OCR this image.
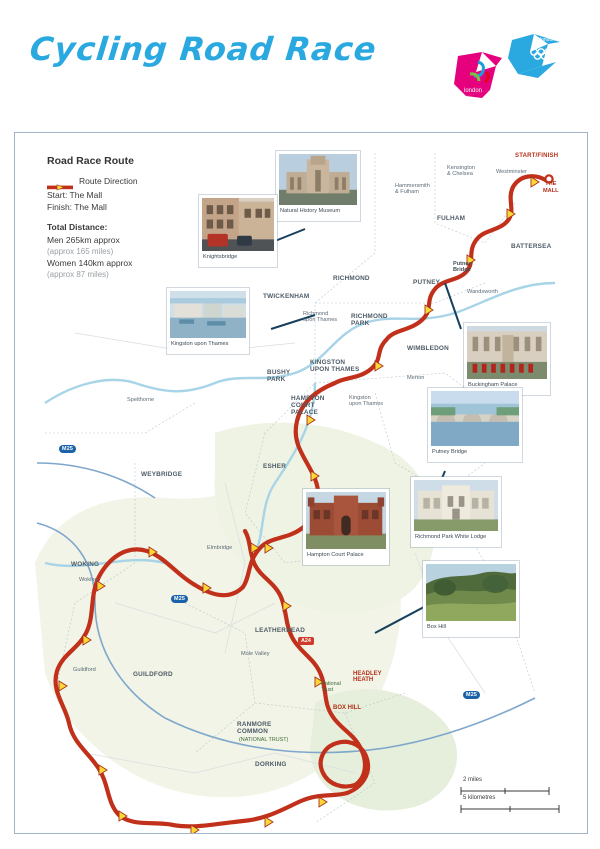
Cycling Road Race
london
london
Road Race Route
Route Direction
Start: The Mall
Finish: The Mall
Total Distance:
Men 265km approx
(approx 165 miles)
Women 140km approx
(approx 87 miles)
Natural History Museum
Knightsbridge
Kingston upon Thames
Buckingham Palace
Putney Bridge
Hampton Court Palace
Richmond Park White Lodge
Box Hill
START/FINISH
THE
MALL
Westminster
Kensington
& Chelsea
Hammersmith
& Fulham
FULHAM
BATTERSEA
Putney
Bridge
PUTNEY
Wandsworth
RICHMOND
TWICKENHAM
Richmond
upon Thames RICHMOND
PARK
WIMBLEDON
Merton
KINGSTON
UPON THAMES
Kingston
upon Thames
BUSHY
PARK
HAMPTON
COURT
PALACE
Spelthorne
WEYBRIDGE
ESHER
Elmbridge
WOKING
Woking
Guildford
GUILDFORD
Mole Valley
LEATHERHEAD
HEADLEY
HEATH
BOX HILL
National
Trust
RANMORE
COMMON
(NATIONAL TRUST)
DORKING
M25
M25
M25
A24
2 miles
5 kilometres
